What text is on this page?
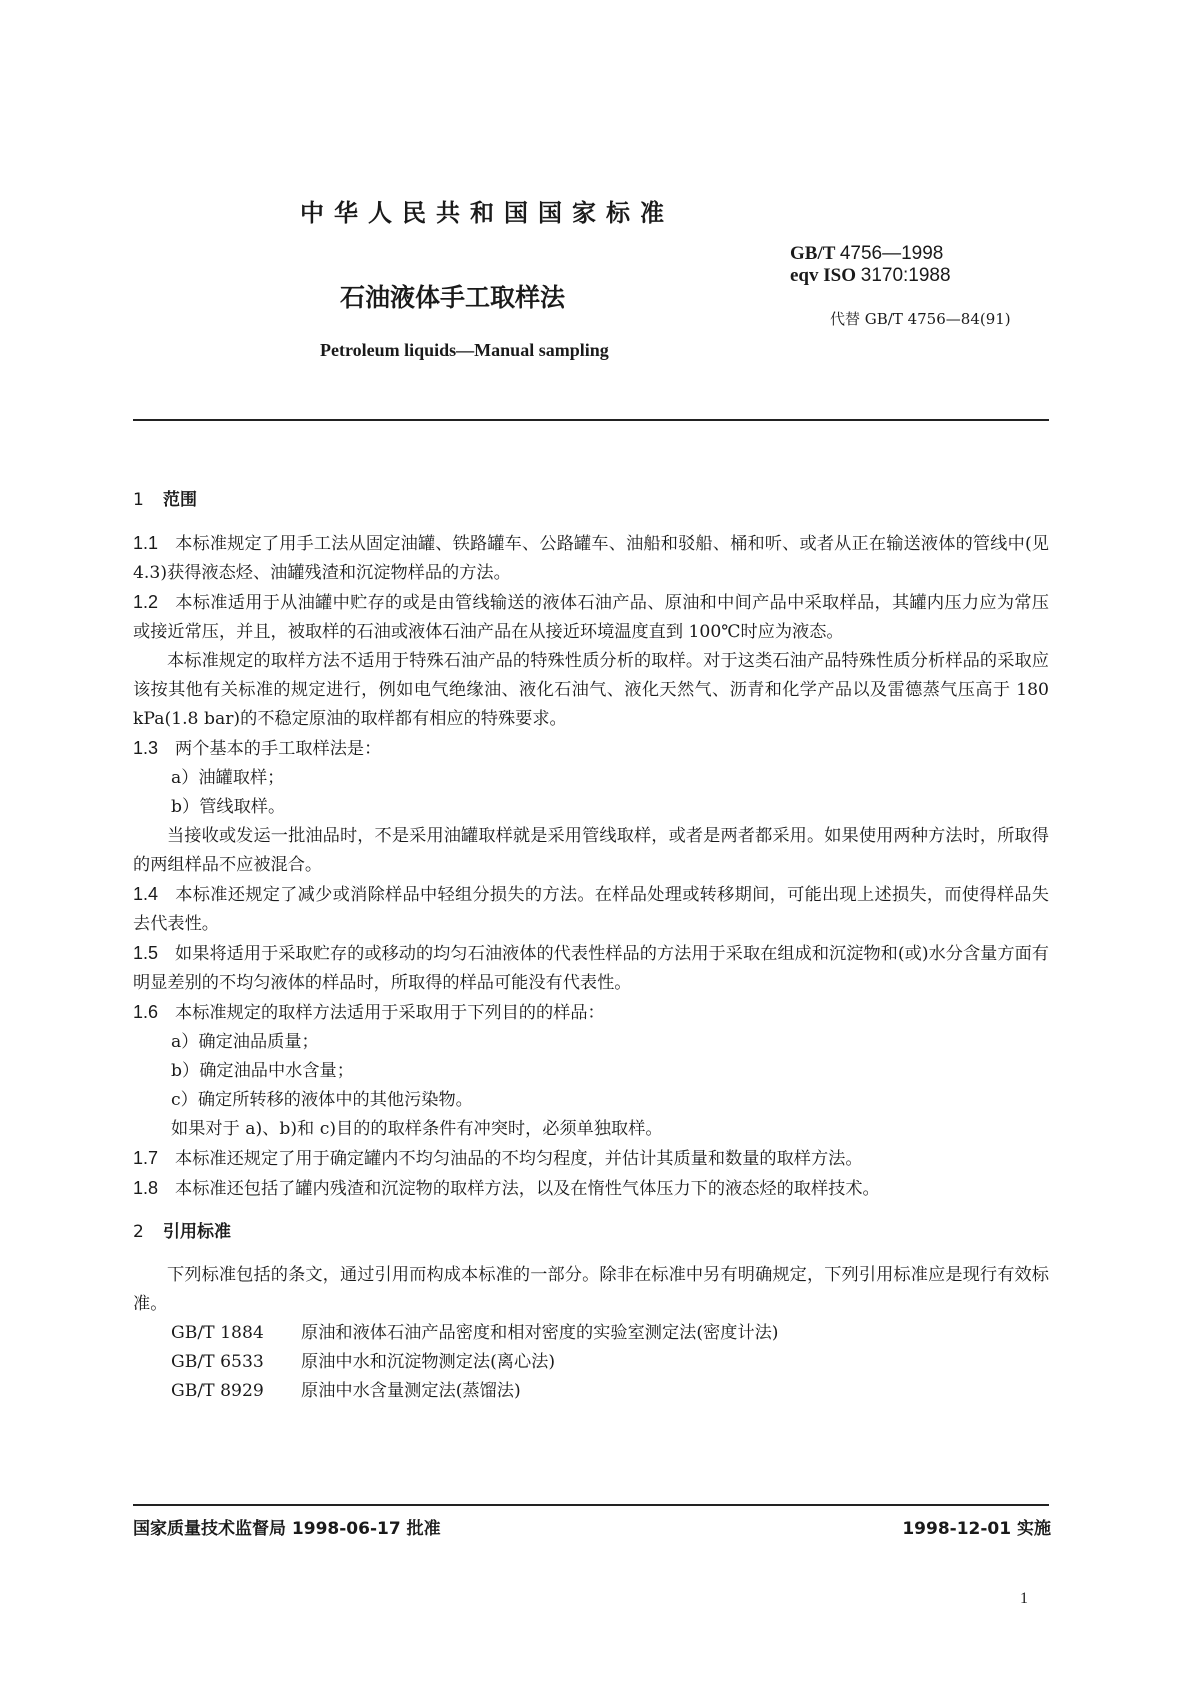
中华人民共和国国家标准
GB/T 4756—1998
eqv ISO 3170:1988
石油液体手工取样法
代替 GB/T 4756—84(91)
Petroleum liquids—Manual sampling

1 范围

1.1 本标准规定了用手工法从固定油罐、铁路罐车、公路罐车、油船和驳船、桶和听、或者从正在输送液体的管线中(见 4.3)获得液态烃、油罐残渣和沉淀物样品的方法。

1.2 本标准适用于从油罐中贮存的或是由管线输送的液体石油产品、原油和中间产品中采取样品，其罐内压力应为常压或接近常压，并且，被取样的石油或液体石油产品在从接近环境温度直到 100℃时应为液态。

本标准规定的取样方法不适用于特殊石油产品的特殊性质分析的取样。对于这类石油产品特殊性质分析样品的采取应该按其他有关标准的规定进行，例如电气绝缘油、液化石油气、液化天然气、沥青和化学产品以及雷德蒸气压高于 180 kPa(1.8 bar)的不稳定原油的取样都有相应的特殊要求。

1.3 两个基本的手工取样法是：

a）油罐取样；

b）管线取样。

当接收或发运一批油品时，不是采用油罐取样就是采用管线取样，或者是两者都采用。如果使用两种方法时，所取得的两组样品不应被混合。

1.4 本标准还规定了减少或消除样品中轻组分损失的方法。在样品处理或转移期间，可能出现上述损失，而使得样品失去代表性。

1.5 如果将适用于采取贮存的或移动的均匀石油液体的代表性样品的方法用于采取在组成和沉淀物和(或)水分含量方面有明显差别的不均匀液体的样品时，所取得的样品可能没有代表性。

1.6 本标准规定的取样方法适用于采取用于下列目的的样品：

a）确定油品质量；

b）确定油品中水含量；

c）确定所转移的液体中的其他污染物。

如果对于 a)、b)和 c)目的的取样条件有冲突时，必须单独取样。

1.7 本标准还规定了用于确定罐内不均匀油品的不均匀程度，并估计其质量和数量的取样方法。

1.8 本标准还包括了罐内残渣和沉淀物的取样方法，以及在惰性气体压力下的液态烃的取样技术。

2 引用标准

下列标准包括的条文，通过引用而构成本标准的一部分。除非在标准中另有明确规定，下列引用标准应是现行有效标准。

GB/T 1884 原油和液体石油产品密度和相对密度的实验室测定法(密度计法)

GB/T 6533 原油中水和沉淀物测定法(离心法)

GB/T 8929 原油中水含量测定法(蒸馏法)

国家质量技术监督局 1998-06-17 批准	1998-12-01 实施
1
